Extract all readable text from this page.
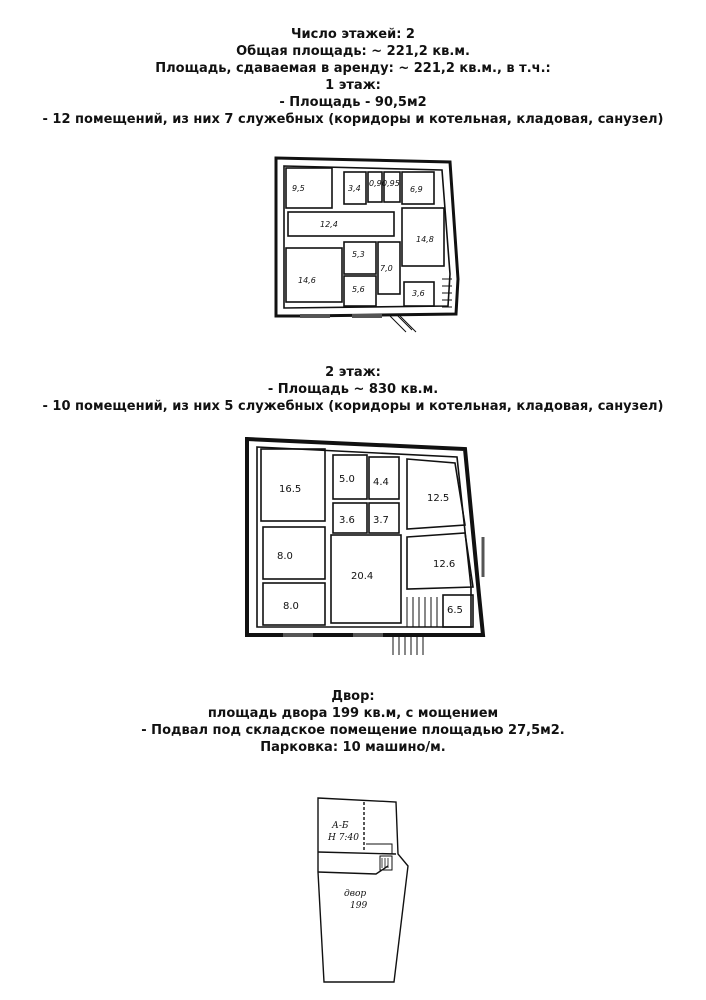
Число этажей: 2
Общая площадь: ~ 221,2 кв.м.
Площадь, сдаваемая в аренду: ~ 221,2 кв.м., в т.ч.:
1 этаж:
- Площадь - 90,5м2
- 12 помещений, из них 7 служебных (коридоры и котельная, кладовая, санузел)
9,5	3,4
0,9 0,95
6,9
12,4
14,8
5,3
7,0
14,6
5,6	3,6
2 этаж:
- Площадь ~ 830 кв.м.
- 10 помещений, из них 5 служебных (коридоры и котельная, кладовая, санузел)
16.5
5.0 4.4
12.5
3.6 3.7
8.0
20.4
12.6
8.0	6.5
Двор:
площадь двора 199 кв.м, с мощением
- Подвал под складское помещение площадью 27,5м2.
Парковка: 10 машино/м.
А-Б
Н 7:40
двор
199
